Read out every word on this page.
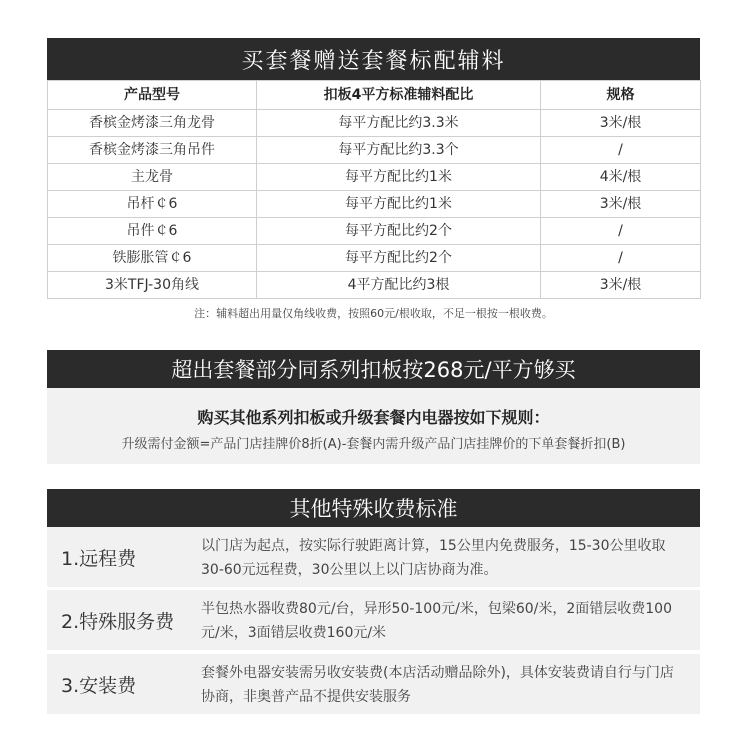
买套餐赠送套餐标配辅料
产品型号	扣板4平方标准辅料配比	规格
香槟金烤漆三角龙骨	每平方配比约3.3米	3米/根
香槟金烤漆三角吊件	每平方配比约3.3个	/
主龙骨	每平方配比约1米	4米/根
吊杆￠6	每平方配比约1米	3米/根
吊件￠6	每平方配比约2个	/
铁膨胀管￠6	每平方配比约2个	/
3米TFJ-30角线	4平方配比约3根	3米/根
注：辅料超出用量仅角线收费，按照60元/根收取，不足一根按一根收费。
超出套餐部分同系列扣板按268元/平方够买
购买其他系列扣板或升级套餐内电器按如下规则：
升级需付金额=产品门店挂牌价8折(A)-套餐内需升级产品门店挂牌价的下单套餐折扣(B)
其他特殊收费标准
1.远程费
以门店为起点，按实际行驶距离计算，15公里内免费服务，15-30公里收取30-60元远程费，30公里以上以门店协商为准。
2.特殊服务费
半包热水器收费80元/台，异形50-100元/米，包梁60/米，2面错层收费100元/米，3面错层收费160元/米
3.安装费
套餐外电器安装需另收安装费(本店活动赠品除外)，具体安装费请自行与门店协商，非奥普产品不提供安装服务
